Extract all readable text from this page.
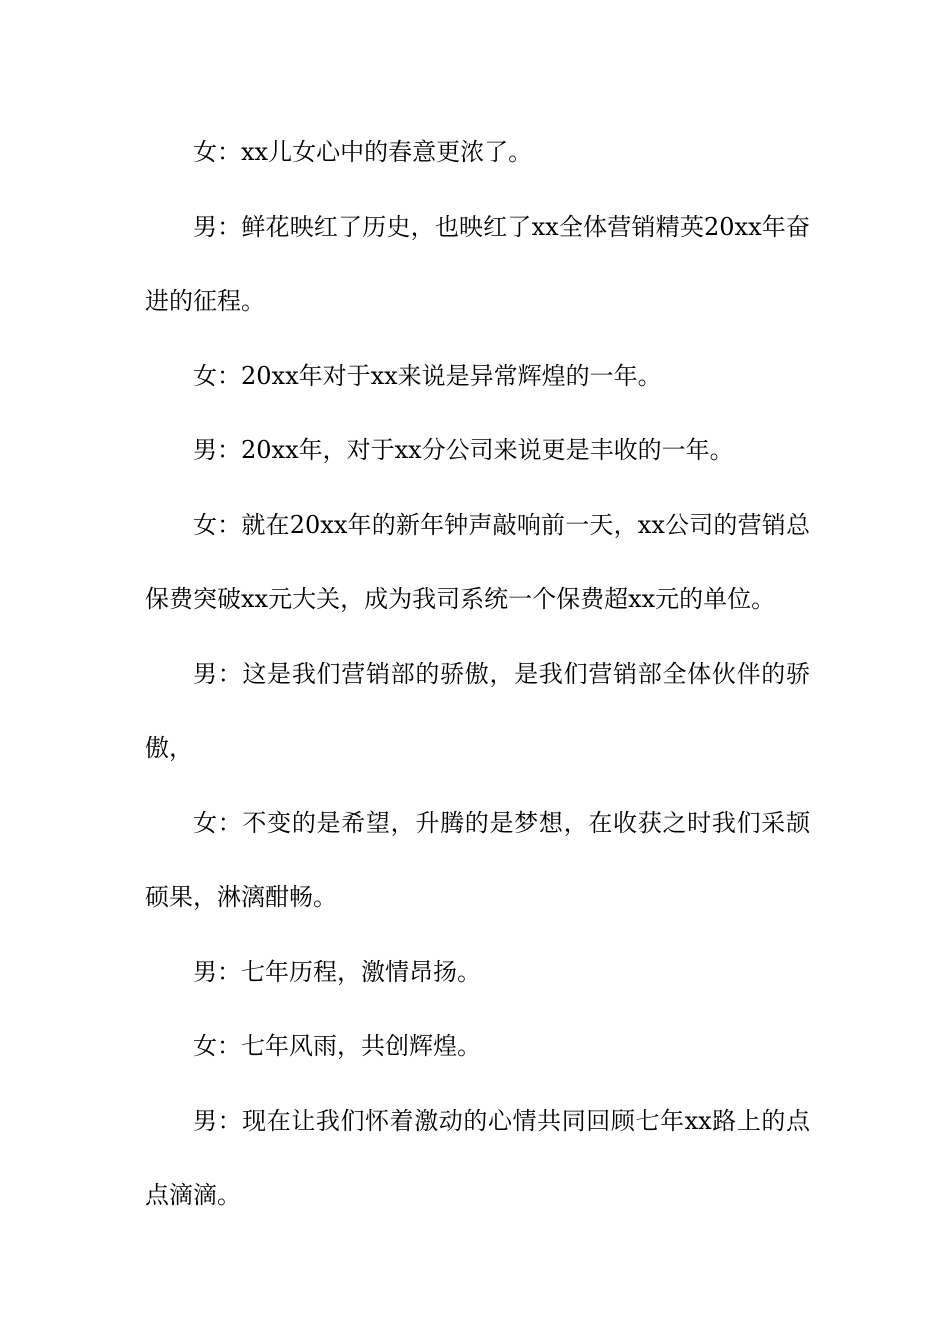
女：xx儿女心中的春意更浓了。

男：鲜花映红了历史，也映红了xx全体营销精英20xx年奋进的征程。

女：20xx年对于xx来说是异常辉煌的一年。

男：20xx年，对于xx分公司来说更是丰收的一年。

女：就在20xx年的新年钟声敲响前一天，xx公司的营销总保费突破xx元大关，成为我司系统一个保费超xx元的单位。

男：这是我们营销部的骄傲，是我们营销部全体伙伴的骄傲，

女：不变的是希望，升腾的是梦想，在收获之时我们采颉硕果，淋漓酣畅。

男：七年历程，激情昂扬。

女：七年风雨，共创辉煌。

男：现在让我们怀着激动的心情共同回顾七年xx路上的点点滴滴。
